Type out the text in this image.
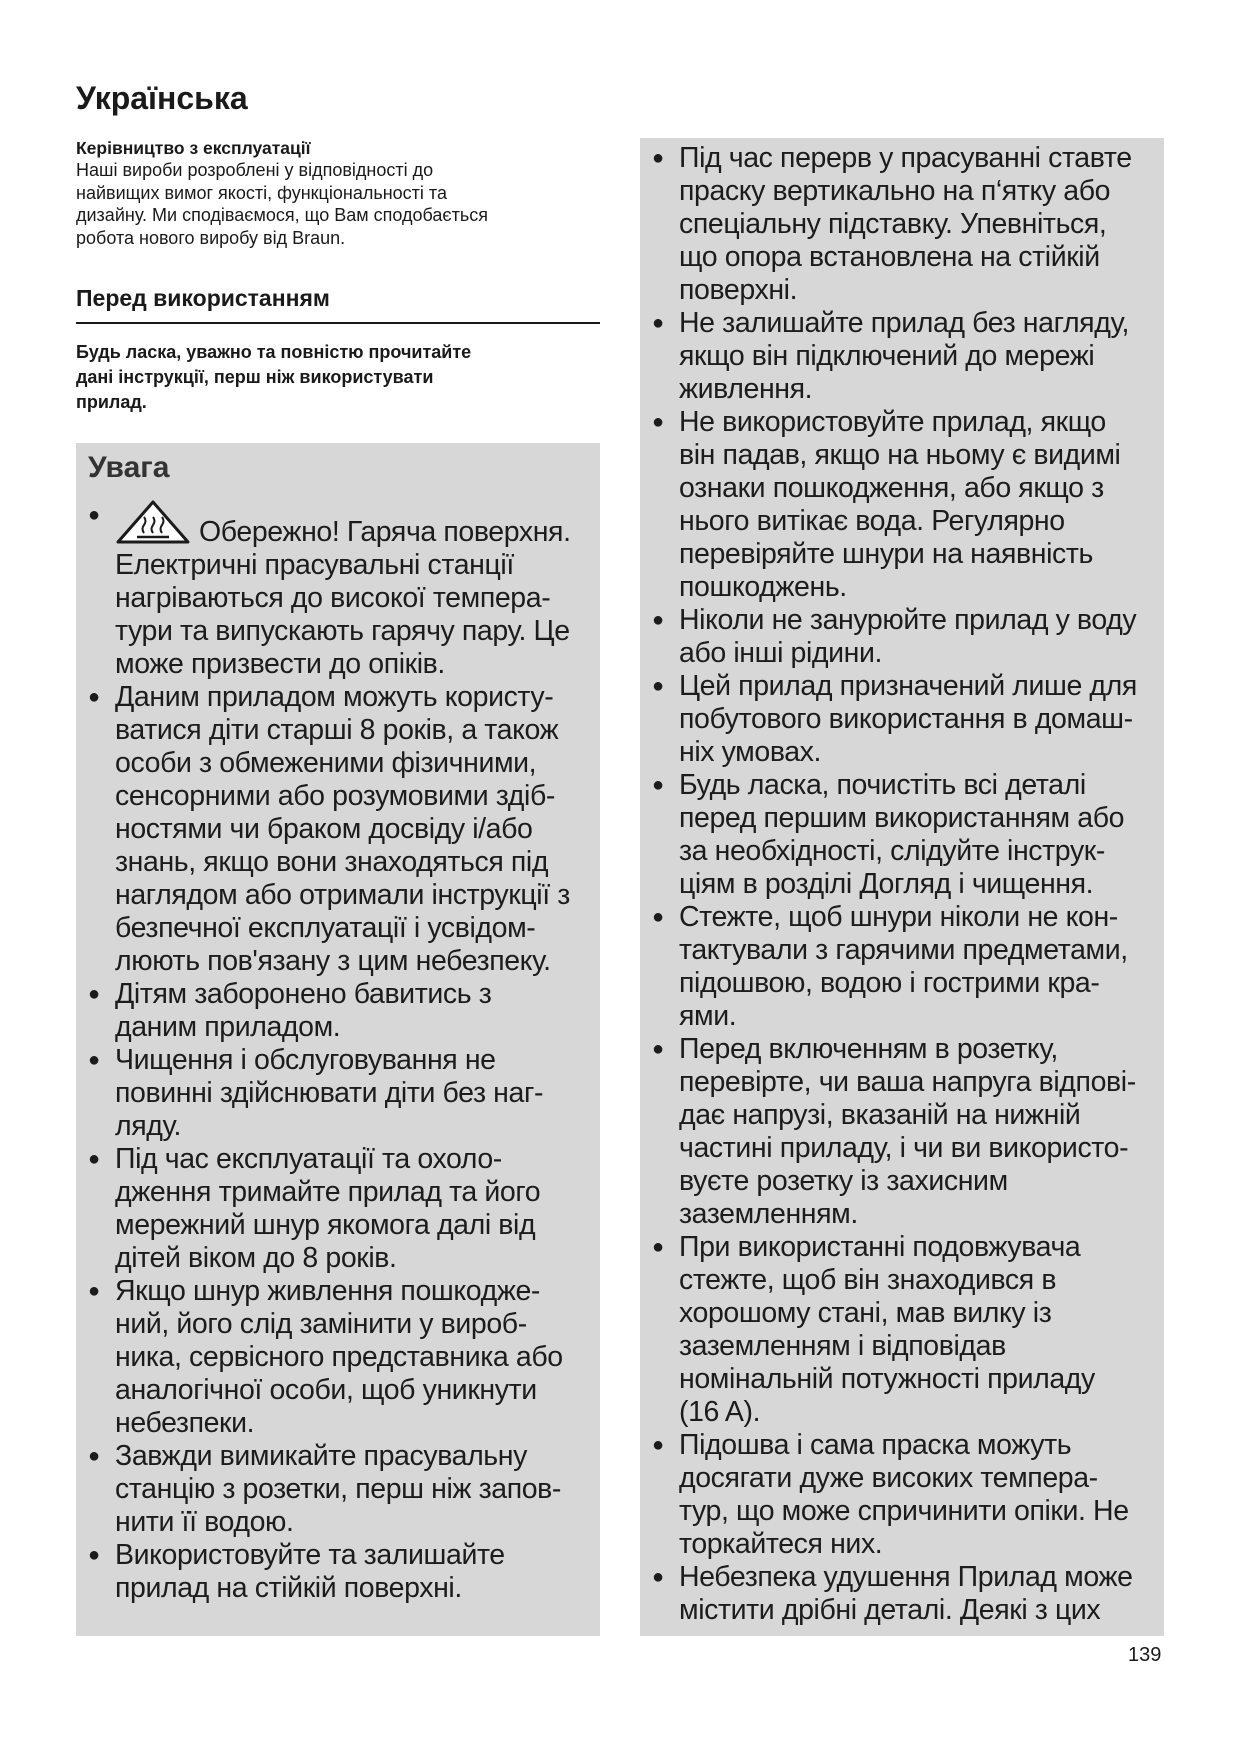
Українська
Керівництво з експлуатації
Наші вироби розроблені у відповідності до
найвищих вимог якості, функціональності та
дизайну. Ми сподіваємося, що Вам сподобається
робота нового виробу від Braun.
Перед використанням
Будь ласка, уважно та повністю прочитайте
дані інструкції, перш ніж використувати
прилад.
Увага
● Обережно! Гаряча поверхня.
Електричні прасувальні станції
нагріваються до високої темпера-
тури та випускають гарячу пару. Це
може призвести до опіків.
● Даним приладом можуть користу-
ватися діти старші 8 років, а також
особи з обмеженими фізичними,
сенсорними або розумовими здіб-
ностями чи браком досвіду і/або
знань, якщо вони знаходяться під
наглядом або отримали інструкції з
безпечної експлуатації і усвідом-
люють пов'язану з цим небезпеку.
● Дітям заборонено бавитись з
даним приладом.
● Чищення і обслуговування не
повинні здійснювати діти без наг-
ляду.
● Під час експлуатації та охоло-
дження тримайте прилад та його
мережний шнур якомога далі від
дітей віком до 8 років.
● Якщо шнур живлення пошкодже-
ний, його слід замінити у вироб-
ника, сервісного представника або
аналогічної особи, щоб уникнути
небезпеки.
● Завжди вимикайте прасувальну
станцію з розетки, перш ніж запов-
нити її водою.
● Використовуйте та залишайте
прилад на стійкій поверхні.
● Під час перерв у прасуванні ставте
праску вертикально на п‘ятку або
спеціальну підставку. Упевніться,
що опора встановлена на стійкій
поверхні.
● Не залишайте прилад без нагляду,
якщо він підключений до мережі
живлення.
● Не використовуйте прилад, якщо
він падав, якщо на ньому є видимі
ознаки пошкодження, або якщо з
нього витікає вода. Регулярно
перевіряйте шнури на наявність
пошкоджень.
● Ніколи не занурюйте прилад у воду
або інші рідини.
● Цей прилад призначений лише для
побутового використання в домаш-
ніх умовах.
● Будь ласка, почистіть всі деталі
перед першим використанням або
за необхідності, слідуйте інструк-
ціям в розділі Догляд і чищення.
● Стежте, щоб шнури ніколи не кон-
тактували з гарячими предметами,
підошвою, водою і гострими кра-
ями.
● Перед включенням в розетку,
перевірте, чи ваша напруга відпові-
дає напрузі, вказаній на нижній
частині приладу, і чи ви використо-
вуєте розетку із захисним
заземленням.
● При використанні подовжувача
стежте, щоб він знаходився в
хорошому стані, мав вилку із
заземленням і відповідав
номінальній потужності приладу
(16 A).
● Підошва і сама праска можуть
досягати дуже високих темпера-
тур, що може спричинити опіки. Не
торкайтеся них.
● Небезпека удушення Прилад може
містити дрібні деталі. Деякі з цих
139
